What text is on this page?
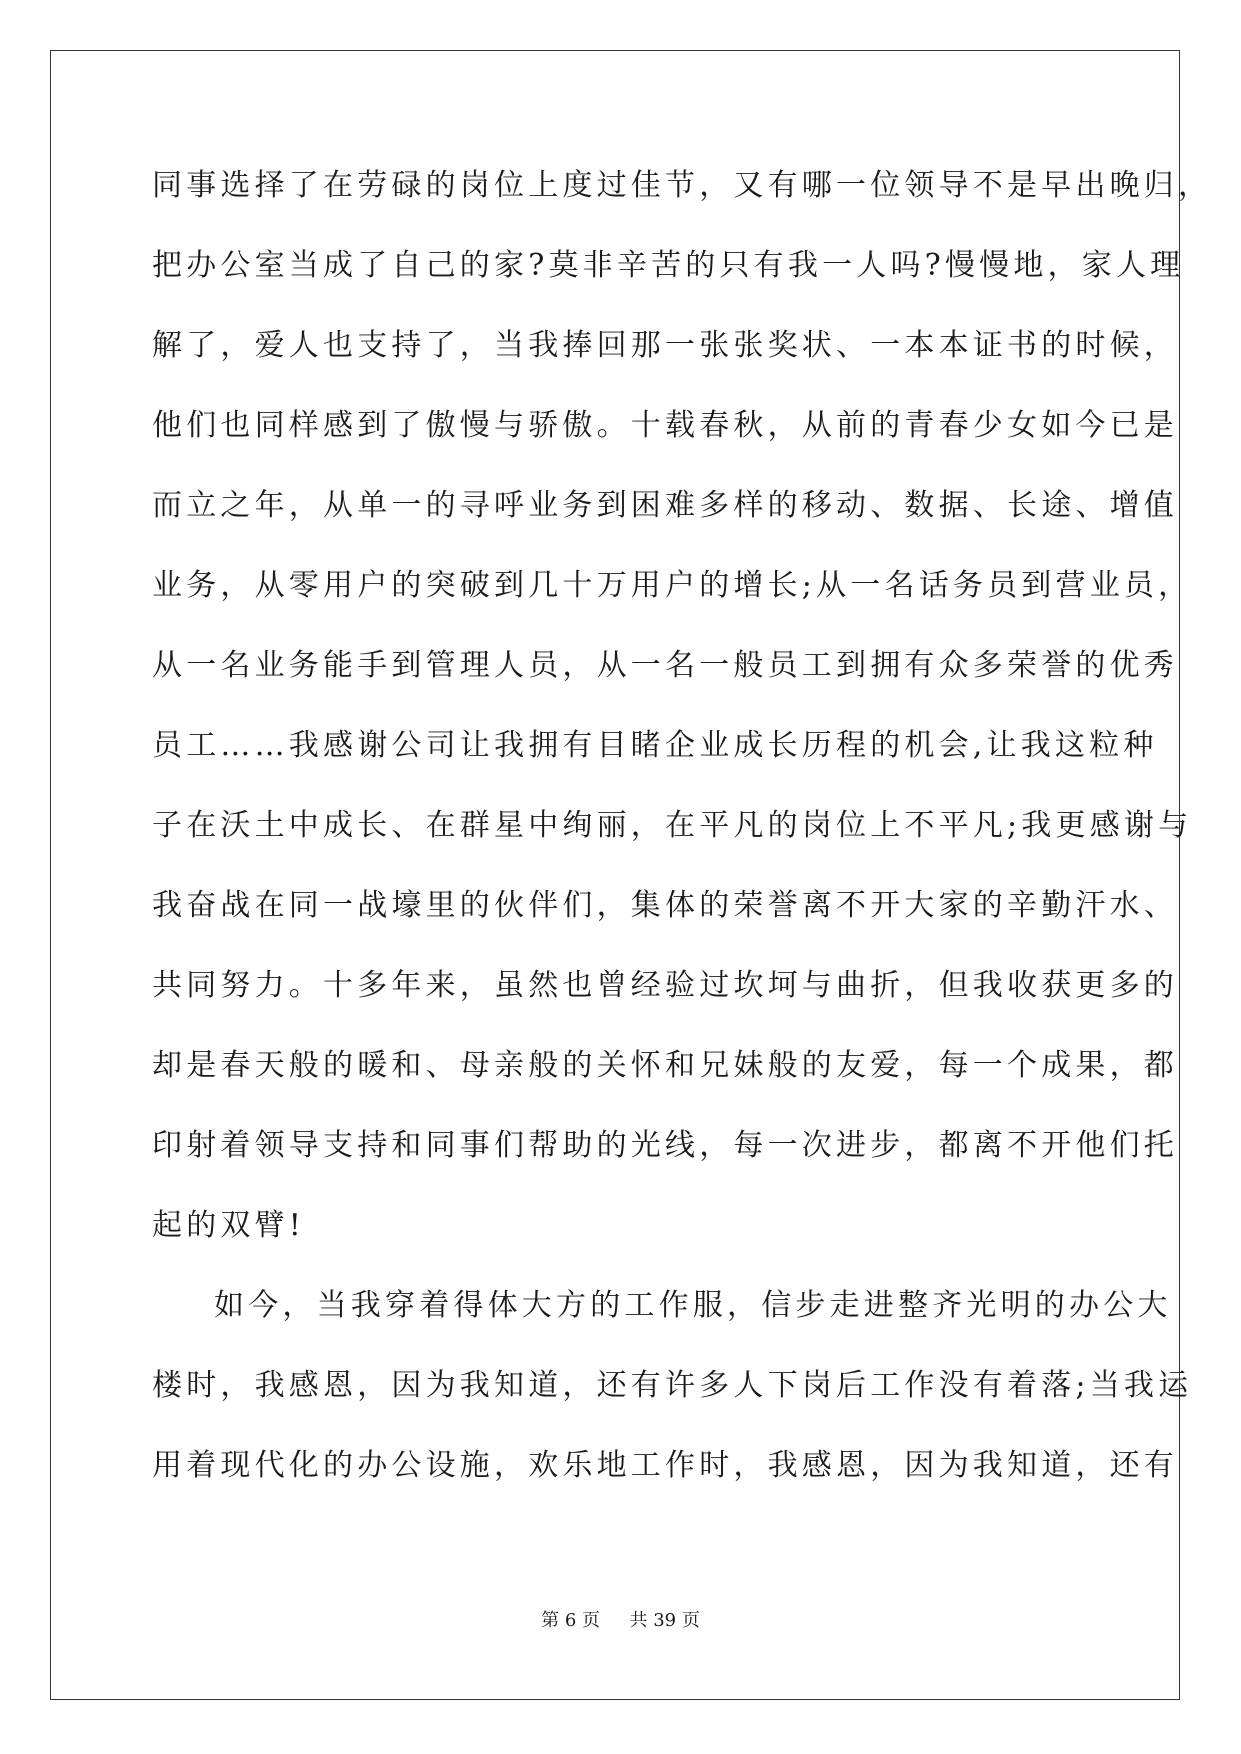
同事选择了在劳碌的岗位上度过佳节，又有哪一位领导不是早出晚归，
把办公室当成了自己的家?莫非辛苦的只有我一人吗?慢慢地，家人理
解了，爱人也支持了，当我捧回那一张张奖状、一本本证书的时候，
他们也同样感到了傲慢与骄傲。十载春秋，从前的青春少女如今已是
而立之年，从单一的寻呼业务到困难多样的移动、数据、长途、增值
业务，从零用户的突破到几十万用户的增长;从一名话务员到营业员，
从一名业务能手到管理人员，从一名一般员工到拥有众多荣誉的优秀
员工……我感谢公司让我拥有目睹企业成长历程的机会,让我这粒种
子在沃土中成长、在群星中绚丽，在平凡的岗位上不平凡;我更感谢与
我奋战在同一战壕里的伙伴们，集体的荣誉离不开大家的辛勤汗水、
共同努力。十多年来，虽然也曾经验过坎坷与曲折，但我收获更多的
却是春天般的暖和、母亲般的关怀和兄妹般的友爱，每一个成果，都
印射着领导支持和同事们帮助的光线，每一次进步，都离不开他们托
起的双臂!
如今，当我穿着得体大方的工作服，信步走进整齐光明的办公大
楼时，我感恩，因为我知道，还有许多人下岗后工作没有着落;当我运
用着现代化的办公设施，欢乐地工作时，我感恩，因为我知道，还有
第 6 页 共 39 页
